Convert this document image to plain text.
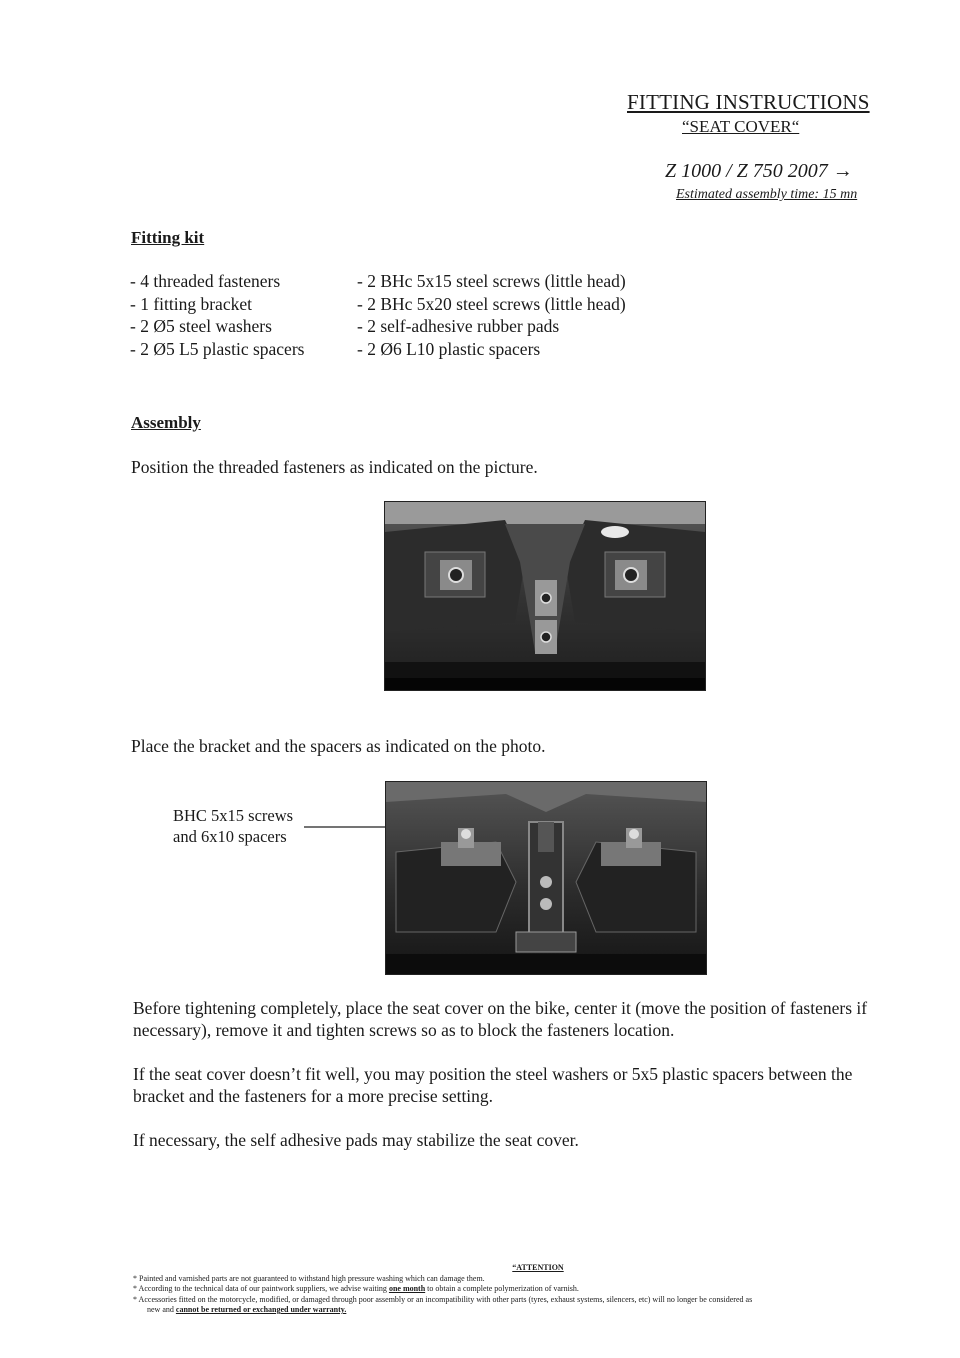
FITTING INSTRUCTIONS
“SEAT COVER“
Z 1000 / Z 750 2007 →
Estimated assembly time: 15 mn
Fitting kit
- 4 threaded fasteners
- 1 fitting bracket
- 2 Ø5 steel washers
- 2 Ø5 L5 plastic spacers
- 2 BHc 5x15 steel screws (little head)
- 2 BHc 5x20 steel screws (little head)
- 2 self-adhesive rubber pads
- 2 Ø6 L10 plastic spacers
Assembly
Position the threaded fasteners as indicated on the picture.
Place the bracket and the spacers as indicated on the photo.
BHC 5x15 screws
and 6x10 spacers
Before tightening completely, place the seat cover on the bike, center it (move the position of fasteners if necessary), remove it and tighten screws so as to block the fasteners location.
If the seat cover doesn’t fit well, you may position the steel washers or 5x5 plastic spacers between the bracket and the fasteners for a more precise setting.
If necessary, the self adhesive pads may stabilize the seat cover.
“ATTENTION
* Painted and varnished parts are not guaranteed to withstand high pressure washing which can damage them.
* According to the technical data of our paintwork suppliers, we advise waiting one month to obtain a complete polymerization of varnish.
* Accessories fitted on the motorcycle, modified, or damaged through poor assembly or an incompatibility with other parts (tyres, exhaust systems, silencers, etc) will no longer be considered as
new and cannot be returned or exchanged under warranty.
